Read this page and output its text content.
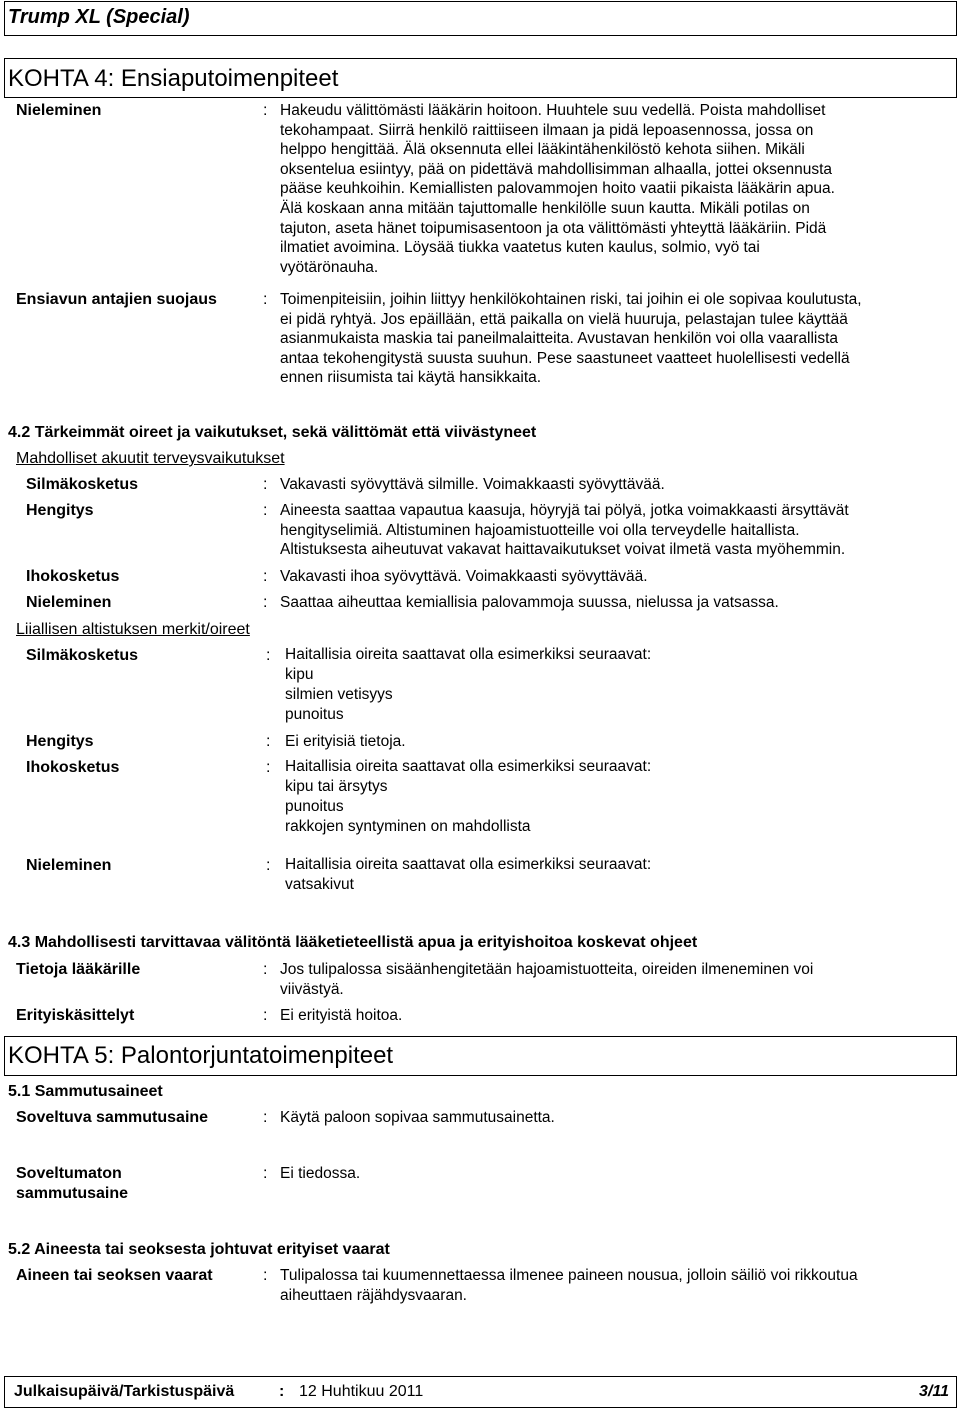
Trump XL (Special)
KOHTA 4: Ensiaputoimenpiteet
Nieleminen	: Hakeudu välittömästi lääkärin hoitoon. Huuhtele suu vedellä. Poista mahdolliset
tekohampaat. Siirrä henkilö raittiiseen ilmaan ja pidä lepoasennossa, jossa on
helppo hengittää. Älä oksennuta ellei lääkintähenkilöstö kehota siihen. Mikäli
oksentelua esiintyy, pää on pidettävä mahdollisimman alhaalla, jottei oksennusta
pääse keuhkoihin. Kemiallisten palovammojen hoito vaatii pikaista lääkärin apua.
Älä koskaan anna mitään tajuttomalle henkilölle suun kautta. Mikäli potilas on
tajuton, aseta hänet toipumisasentoon ja ota välittömästi yhteyttä lääkäriin. Pidä
ilmatiet avoimina. Löysää tiukka vaatetus kuten kaulus, solmio, vyö tai
vyötärönauha.
Ensiavun antajien suojaus	: Toimenpiteisiin, joihin liittyy henkilökohtainen riski, tai joihin ei ole sopivaa koulutusta,
ei pidä ryhtyä. Jos epäillään, että paikalla on vielä huuruja, pelastajan tulee käyttää
asianmukaista maskia tai paneilmalaitteita. Avustavan henkilön voi olla vaarallista
antaa tekohengitystä suusta suuhun. Pese saastuneet vaatteet huolellisesti vedellä
ennen riisumista tai käytä hansikkaita.
4.2 Tärkeimmät oireet ja vaikutukset, sekä välittömät että viivästyneet
Mahdolliset akuutit terveysvaikutukset
Silmäkosketus	: Vakavasti syövyttävä silmille. Voimakkaasti syövyttävää.
Hengitys	: Aineesta saattaa vapautua kaasuja, höyryjä tai pölyä, jotka voimakkaasti ärsyttävät
hengityselimiä. Altistuminen hajoamistuotteille voi olla terveydelle haitallista.
Altistuksesta aiheutuvat vakavat haittavaikutukset voivat ilmetä vasta myöhemmin.
Ihokosketus	: Vakavasti ihoa syövyttävä. Voimakkaasti syövyttävää.
Nieleminen	: Saattaa aiheuttaa kemiallisia palovammoja suussa, nielussa ja vatsassa.
Liiallisen altistuksen merkit/oireet
Silmäkosketus	: Haitallisia oireita saattavat olla esimerkiksi seuraavat:
kipu
silmien vetisyys
punoitus
Hengitys	: Ei erityisiä tietoja.
Ihokosketus	: Haitallisia oireita saattavat olla esimerkiksi seuraavat:
kipu tai ärsytys
punoitus
rakkojen syntyminen on mahdollista
Nieleminen	: Haitallisia oireita saattavat olla esimerkiksi seuraavat:
vatsakivut
4.3 Mahdollisesti tarvittavaa välitöntä lääketieteellistä apua ja erityishoitoa koskevat ohjeet
Tietoja lääkärille	: Jos tulipalossa sisäänhengitetään hajoamistuotteita, oireiden ilmeneminen voi
viivästyä.
Erityiskäsittelyt	: Ei erityistä hoitoa.
KOHTA 5: Palontorjuntatoimenpiteet
5.1 Sammutusaineet
Soveltuva sammutusaine	: Käytä paloon sopivaa sammutusainetta.
Soveltumaton
sammutusaine
: Ei tiedossa.
5.2 Aineesta tai seoksesta johtuvat erityiset vaarat
Aineen tai seoksen vaarat	: Tulipalossa tai kuumennettaessa ilmenee paineen nousua, jolloin säiliö voi rikkoutua
aiheuttaen räjähdysvaaran.
Julkaisupäivä/Tarkistuspäivä	: 12 Huhtikuu 2011	3/11
